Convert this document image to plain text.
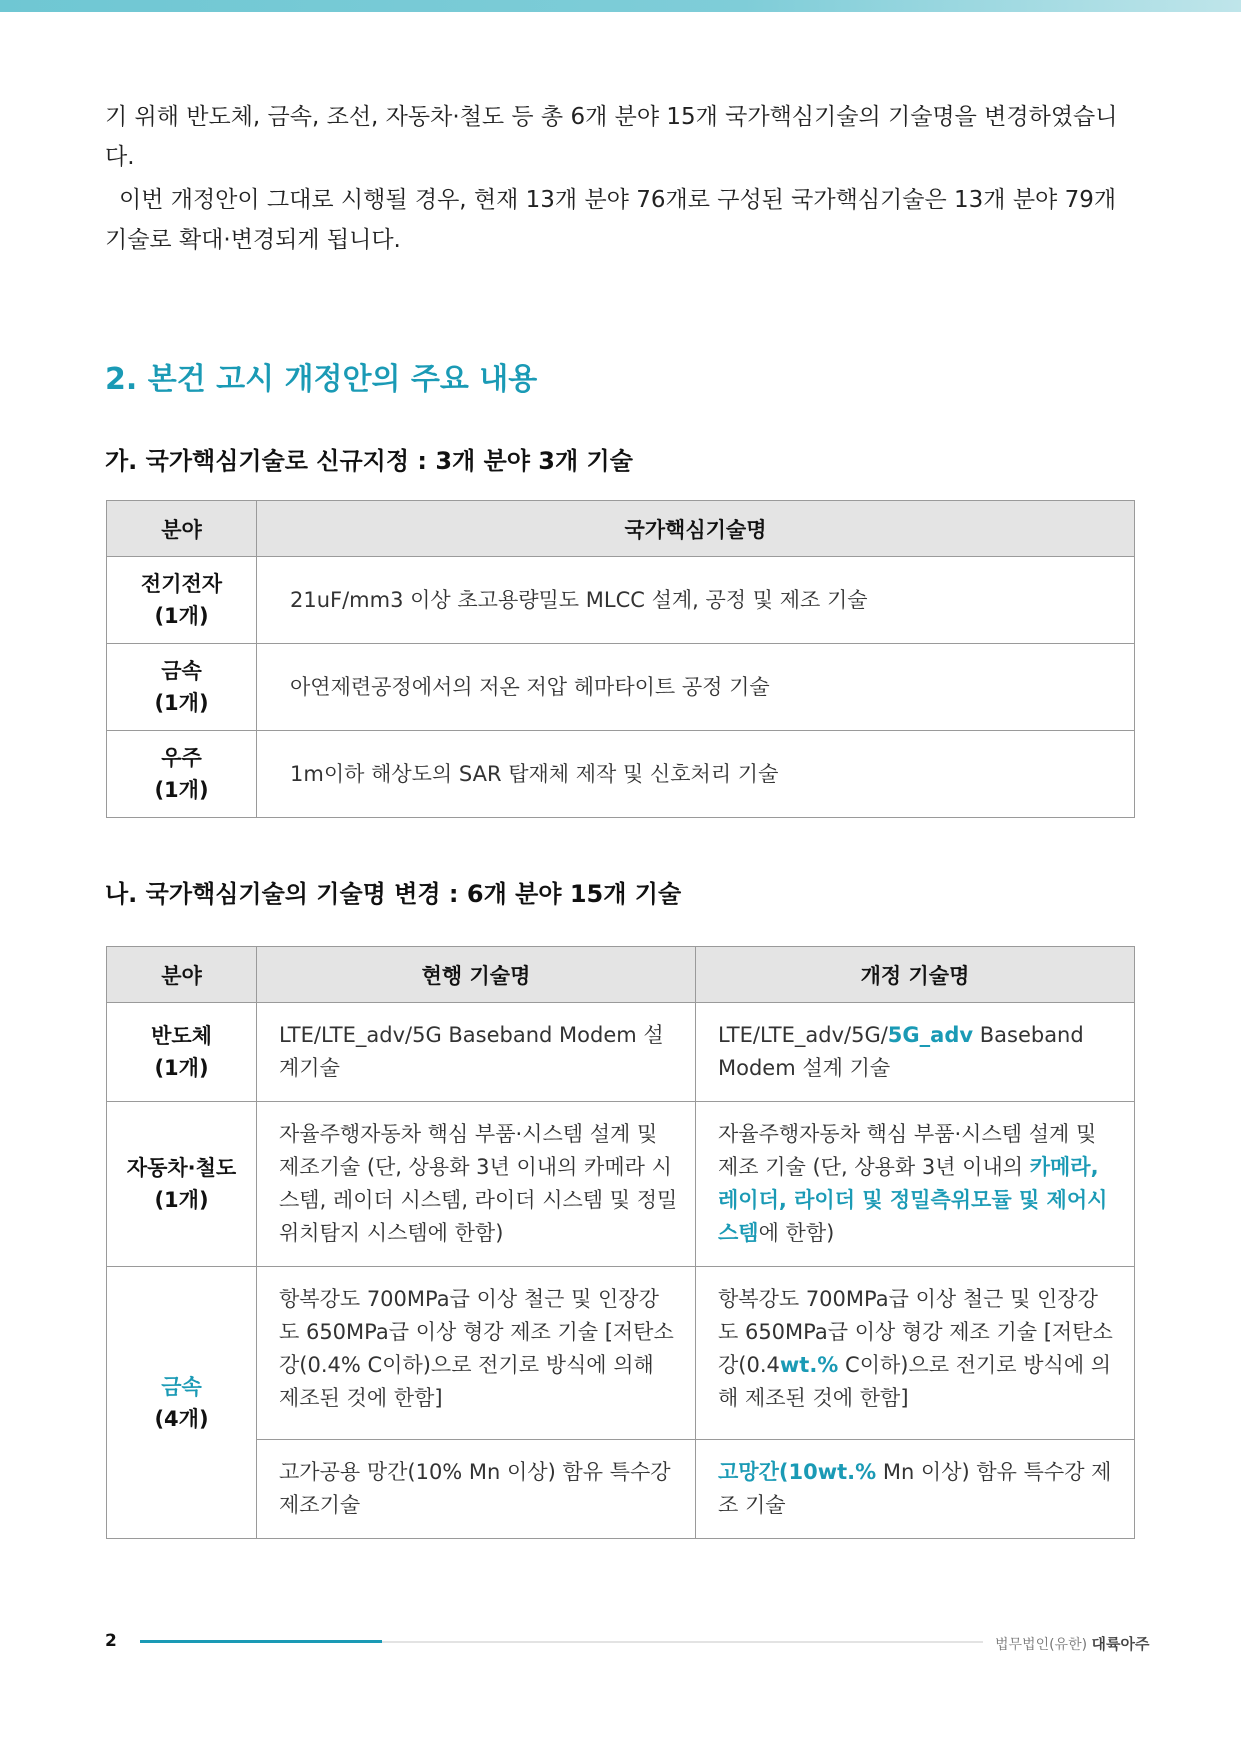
기 위해 반도체, 금속, 조선, 자동차·철도 등 총 6개 분야 15개 국가핵심기술의 기술명을 변경하였습니다.
이번 개정안이 그대로 시행될 경우, 현재 13개 분야 76개로 구성된 국가핵심기술은 13개 분야 79개 기술로 확대·변경되게 됩니다.
2. 본건 고시 개정안의 주요 내용
가. 국가핵심기술로 신규지정 : 3개 분야 3개 기술
분야	국가핵심기술명
전기전자
(1개)	21uF/mm3 이상 초고용량밀도 MLCC 설계, 공정 및 제조 기술
금속
(1개)	아연제련공정에서의 저온 저압 헤마타이트 공정 기술
우주
(1개)	1m이하 해상도의 SAR 탑재체 제작 및 신호처리 기술
나. 국가핵심기술의 기술명 변경 : 6개 분야 15개 기술
분야	현행 기술명	개정 기술명
반도체
(1개)	LTE/LTE_adv/5G Baseband Modem 설계기술	LTE/LTE_adv/5G/5G_adv Baseband Modem 설계 기술
자동차·철도
(1개)	자율주행자동차 핵심 부품·시스템 설계 및 제조기술 (단, 상용화 3년 이내의 카메라 시스템, 레이더 시스템, 라이더 시스템 및 정밀위치탐지 시스템에 한함)	자율주행자동차 핵심 부품·시스템 설계 및 제조 기술 (단, 상용화 3년 이내의 카메라, 레이더, 라이더 및 정밀측위모듈 및 제어시스템에 한함)
금속
(4개)	항복강도 700MPa급 이상 철근 및 인장강도 650MPa급 이상 형강 제조 기술 [저탄소강(0.4% C이하)으로 전기로 방식에 의해 제조된 것에 한함]	항복강도 700MPa급 이상 철근 및 인장강도 650MPa급 이상 형강 제조 기술 [저탄소강(0.4wt.% C이하)으로 전기로 방식에 의해 제조된 것에 한함]
	고가공용 망간(10% Mn 이상) 함유 특수강 제조기술	고망간(10wt.% Mn 이상) 함유 특수강 제조 기술
2	법무법인(유한) 대륙아주
